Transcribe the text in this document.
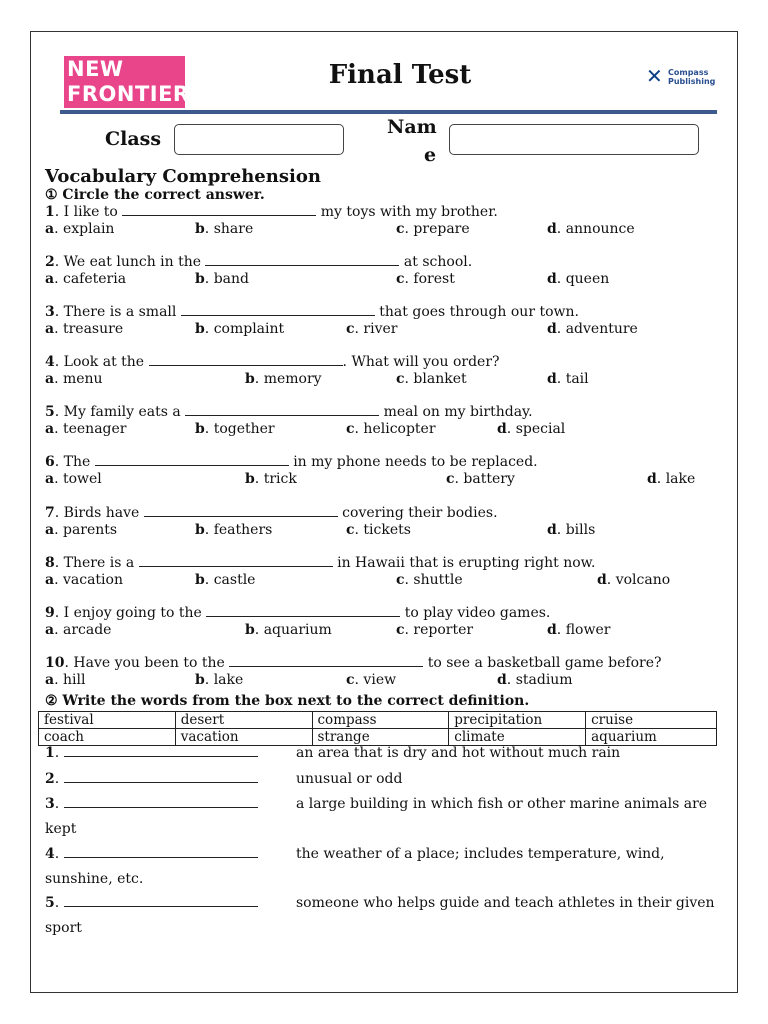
NEW
FRONTIERS
Final Test	✕ Compass
Publishing
Class
Nam
e
Vocabulary Comprehension
① Circle the correct answer.
1. I like to	my toys with my brother.
a. explain	b. share	c. prepare	d. announce
2. We eat lunch in the	at school.
a. cafeteria	b. band	c. forest	d. queen
3. There is a small	that goes through our town.
a. treasure	b. complaint	c. river	d. adventure
4. Look at the	. What will you order?
a. menu	b. memory	c. blanket	d. tail
5. My family eats a	meal on my birthday.
a. teenager	b. together	c. helicopter	d. special
6. The	in my phone needs to be replaced.
a. towel	b. trick	c. battery	d. lake
7. Birds have	covering their bodies.
a. parents	b. feathers	c. tickets	d. bills
8. There is a	in Hawaii that is erupting right now.
a. vacation	b. castle	c. shuttle	d. volcano
9. I enjoy going to the	to play video games.
a. arcade	b. aquarium	c. reporter	d. flower
10. Have you been to the	to see a basketball game before?
a. hill	b. lake	c. view	d. stadium
② Write the words from the box next to the correct definition.
festival	desert	compass	precipitation	cruise
coach	vacation	strange	climate	aquarium
1.	an area that is dry and hot without much rain
2.	unusual or odd
3.	a large building in which fish or other marine animals are
kept
4.	the weather of a place; includes temperature, wind,
sunshine, etc.
5.	someone who helps guide and teach athletes in their given
sport
